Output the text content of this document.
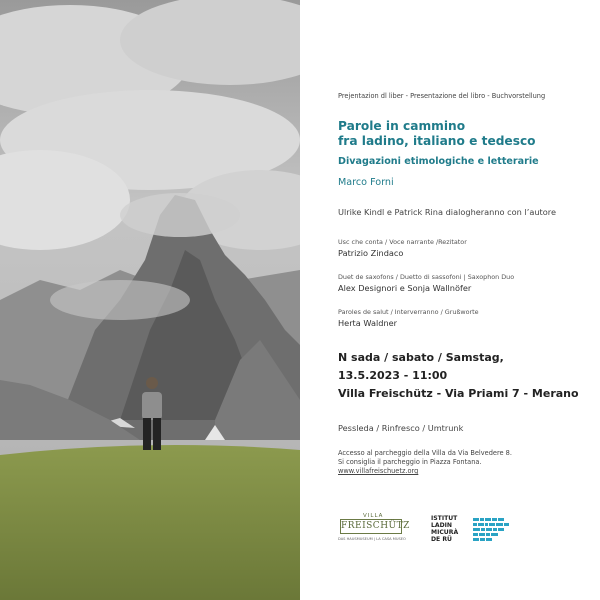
Prejentazion dl liber - Presentazione del libro - Buchvorstellung
Parole in cammino
fra ladino, italiano e tedesco
Divagazioni etimologiche e letterarie
Marco Forni
Ulrike Kindl e Patrick Rina dialogheranno con l’autore
Usc che conta / Voce narrante /Rezitator
Patrizio Zindaco
Duet de saxofons / Duetto di sassofoni | Saxophon Duo
Alex Designori e Sonja Wallnöfer
Paroles de salut / Interverranno / Grußworte
Herta Waldner
N sada / sabato / Samstag,
13.5.2023 - 11:00
Villa Freischütz - Via Priami 7 - Merano
Pessleda / Rinfresco / Umtrunk
Accesso al parcheggio della Villa da Via Belvedere 8.
Si consiglia il parcheggio in Piazza Fontana.
www.villafreischuetz.org
VILLA
FREISCHÜTZ
DAS HAUSMUSEUM | LA CASA MUSEO
ISTITUT
LADIN
MICURÀ
DE RÜ
